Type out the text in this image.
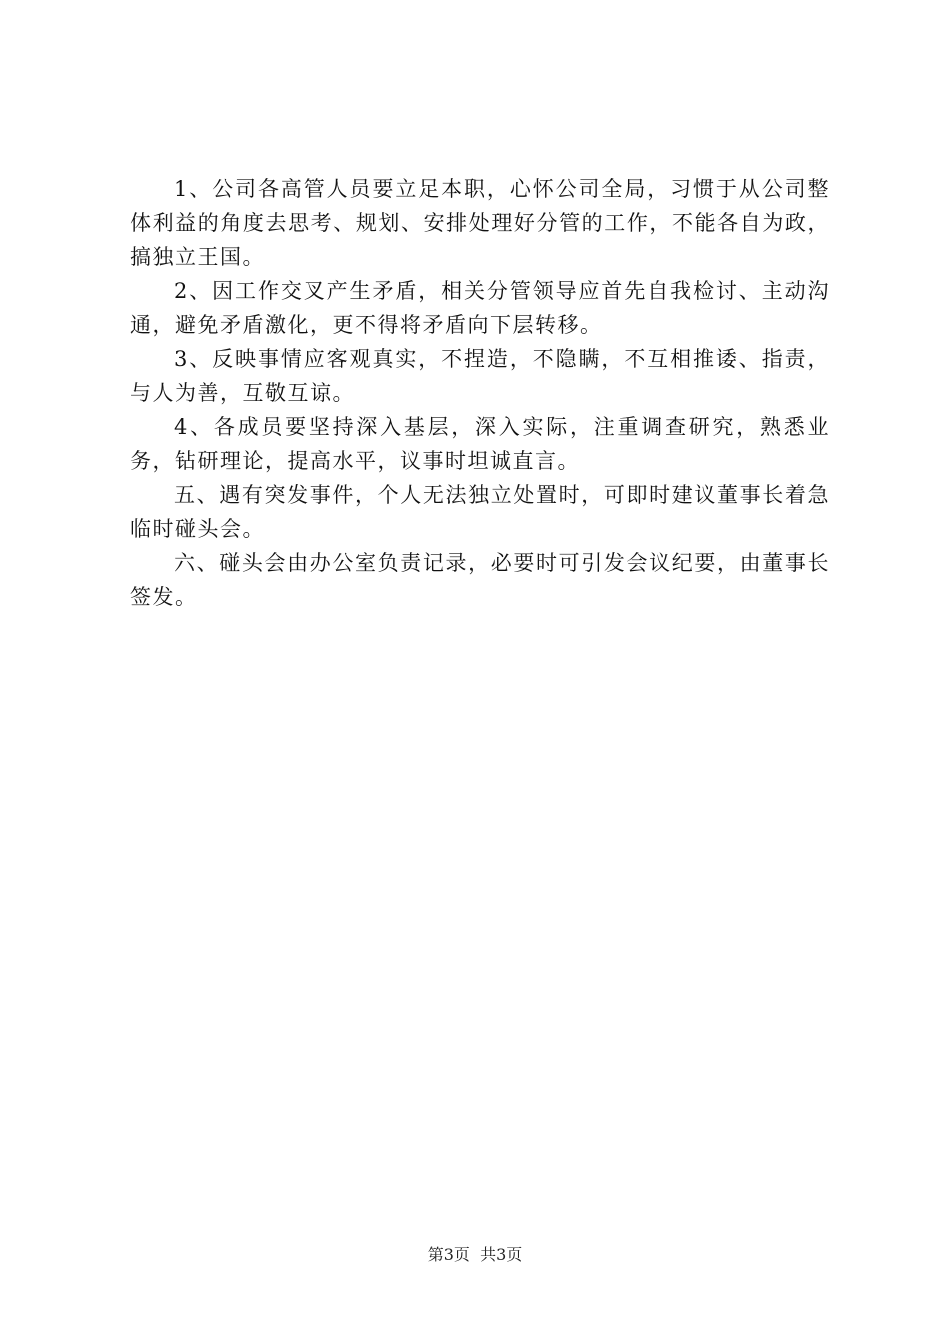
1、公司各高管人员要立足本职，心怀公司全局，习惯于从公司整体利益的角度去思考、规划、安排处理好分管的工作，不能各自为政，搞独立王国。

2、因工作交叉产生矛盾，相关分管领导应首先自我检讨、主动沟通，避免矛盾激化，更不得将矛盾向下层转移。

3、反映事情应客观真实，不捏造，不隐瞒，不互相推诿、指责，与人为善，互敬互谅。

4、各成员要坚持深入基层，深入实际，注重调查研究，熟悉业务，钻研理论，提高水平，议事时坦诚直言。

五、遇有突发事件，个人无法独立处置时，可即时建议董事长着急临时碰头会。

六、碰头会由办公室负责记录，必要时可引发会议纪要，由董事长签发。

第3页  共3页
